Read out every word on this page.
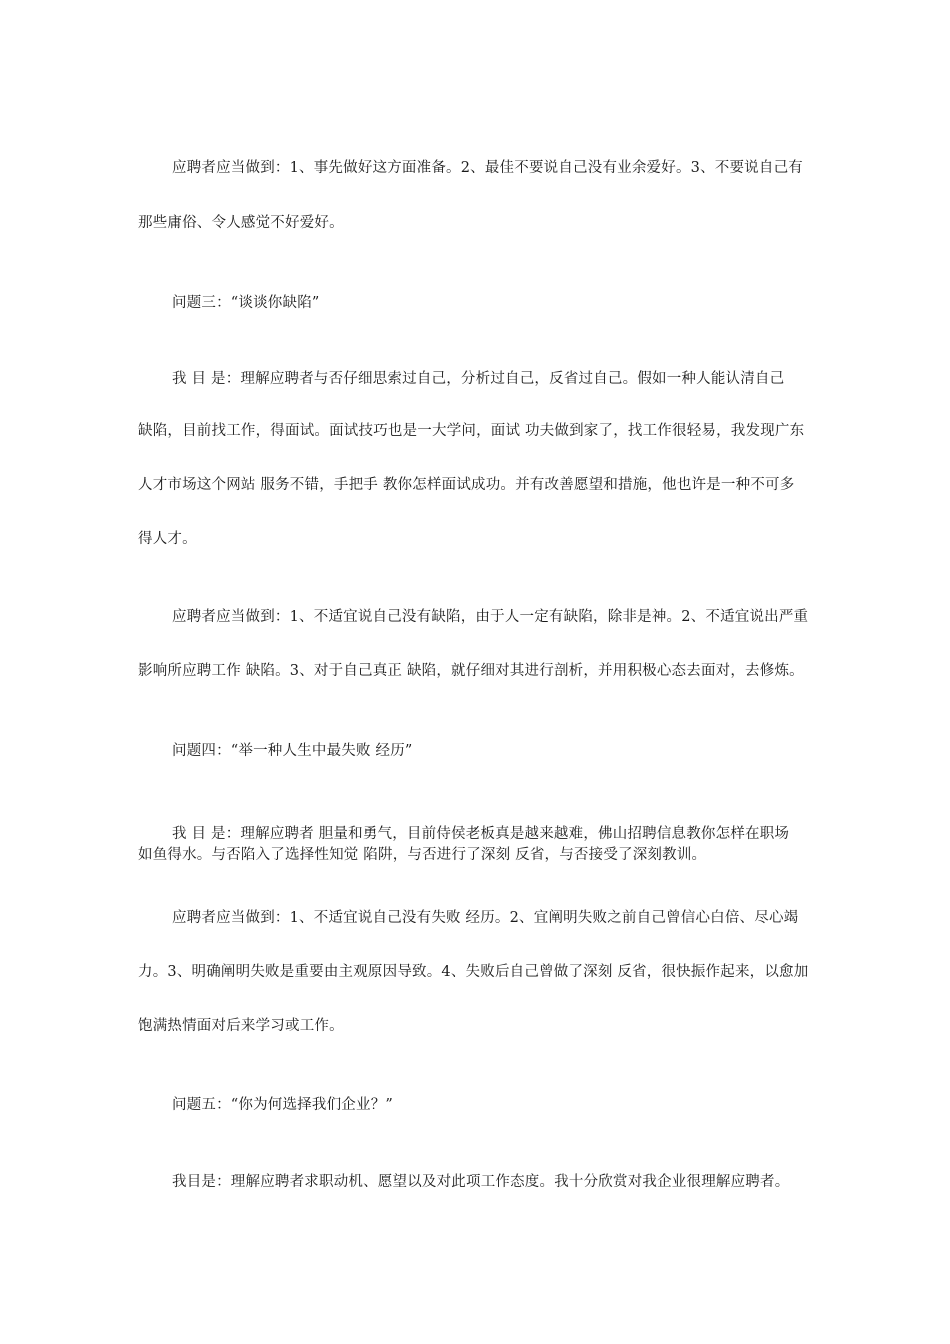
应聘者应当做到：1、事先做好这方面准备。2、最佳不要说自己没有业余爱好。3、不要说自己有
那些庸俗、令人感觉不好爱好。
问题三：“谈谈你缺陷”
我 目 是：理解应聘者与否仔细思索过自己，分析过自己，反省过自己。假如一种人能认清自己
缺陷，目前找工作，得面试。面试技巧也是一大学问，面试 功夫做到家了，找工作很轻易，我发现广东
人才市场这个网站 服务不错，手把手 教你怎样面试成功。并有改善愿望和措施，他也许是一种不可多
得人才。
应聘者应当做到：1、不适宜说自己没有缺陷，由于人一定有缺陷，除非是神。2、不适宜说出严重
影响所应聘工作 缺陷。3、对于自己真正 缺陷，就仔细对其进行剖析，并用积极心态去面对，去修炼。
问题四：“举一种人生中最失败 经历”
我 目 是：理解应聘者 胆量和勇气，目前侍侯老板真是越来越难，佛山招聘信息教你怎样在职场
如鱼得水。与否陷入了选择性知觉 陷阱，与否进行了深刻 反省，与否接受了深刻教训。
应聘者应当做到：1、不适宜说自己没有失败 经历。2、宜阐明失败之前自己曾信心白倍、尽心竭
力。3、明确阐明失败是重要由主观原因导致。4、失败后自己曾做了深刻 反省，很快振作起来，以愈加
饱满热情面对后来学习或工作。
问题五：“你为何选择我们企业？”
我目是：理解应聘者求职动机、愿望以及对此项工作态度。我十分欣赏对我企业很理解应聘者。
